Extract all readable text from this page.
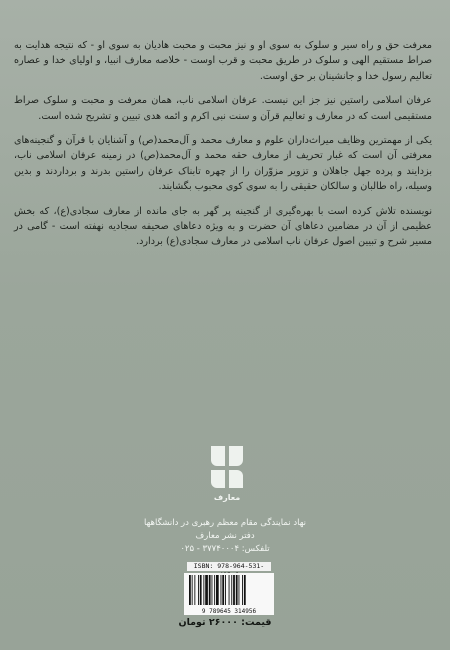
معرفت حق و راه سیر و سلوک به سوی او و نیز محبت و محبت هادیان به سوی او - که نتیجه هدایت به صراط مستقیم الهی و سلوک در طریق محبت و قرب اوست - خلاصه معارف انبیا، و اولیای خدا و عصاره تعالیم رسول خدا و جانشینان بر حق اوست.

عرفان اسلامی راستین نیز جز این نیست. عرفان اسلامی ناب، همان معرفت و محبت و سلوک صراط مستقیمی است که در معارف و تعالیم قرآن و سنت نبی اکرم و ائمه هدی تبیین و تشریح شده است.

یکی از مهمترین وظایف میراث‌داران علوم و معارف محمد و آل‌محمد(ص) و آشنایان با قرآن و گنجینه‌های معرفتی آن است که غبار تحریف از معارف حقه محمد و آل‌محمد(ص) در زمینه عرفان اسلامی ناب، بزدایند و پرده جهل جاهلان و تزویر مزوّران را از چهره تابناک عرفان راستین بدرند و برداردند و بدین وسیله، راه طالبان و سالکان حقیقی را به سوی کوی محبوب بگشایند.

نویسنده تلاش کرده است با بهره‌گیری از گنجینه پر گهر به جای مانده از معارف سجادی(ع)، که بخش عظیمی از آن در مضامین دعاهای آن حضرت و به ویژه دعاهای صحیفه سجادیه نهفته است - گامی در مسیر شرح و تبیین اصول عرفان ناب اسلامی در معارف سجادی(ع) بردارد.

معارف
نهاد نمایندگی مقام معظم رهبری در دانشگاهها
دفتر نشر معارف
تلفکس: ۳۷۷۴۰۰۰۴ - ۰۲۵
ISBN: 978-964-531-
9 789645 314956
قیمت: ۲۶۰۰۰ تومان
